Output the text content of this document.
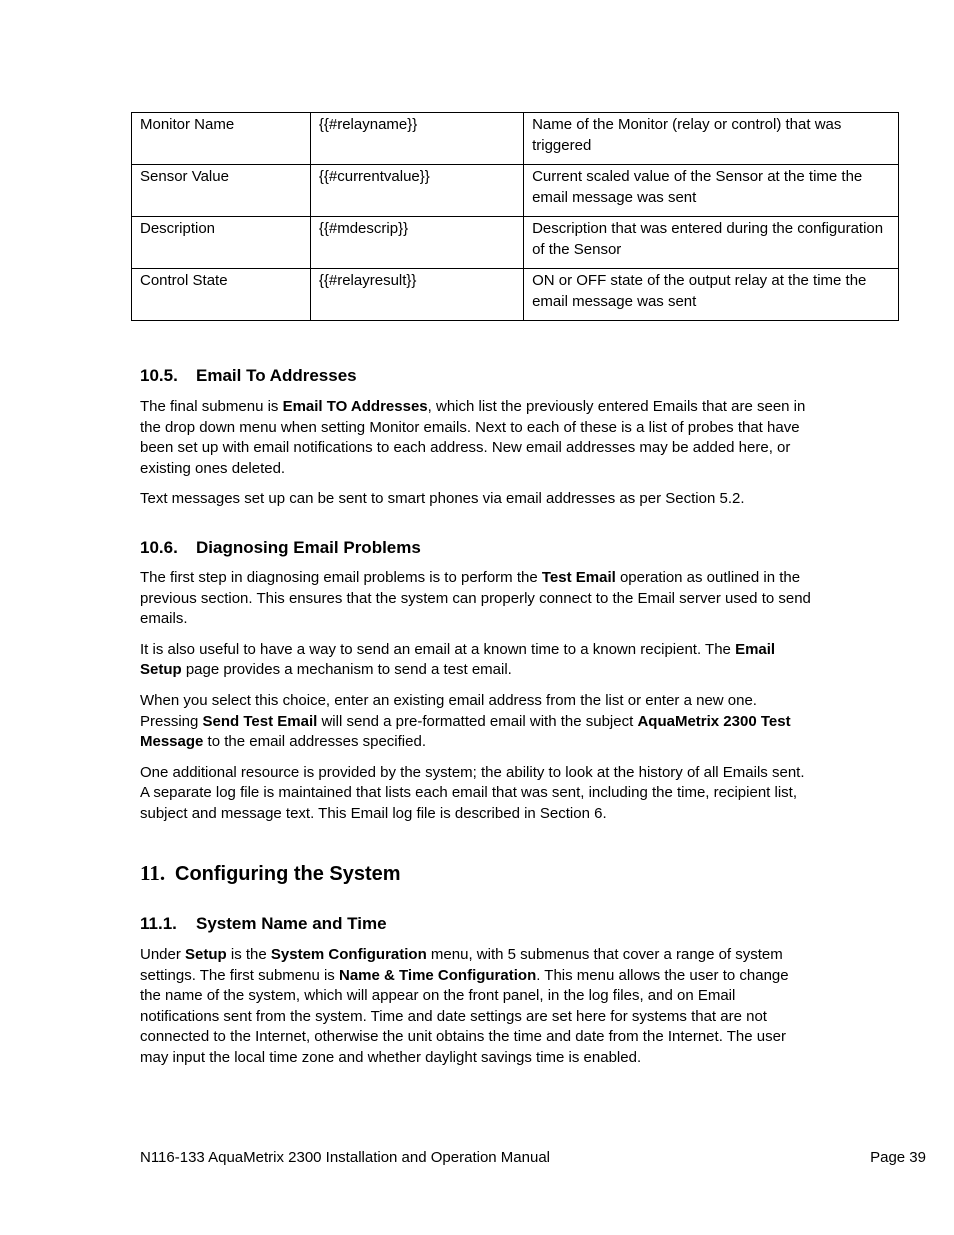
Monitor Name	{{#relayname}}	Name of the Monitor (relay or control) that was triggered
Sensor Value	{{#currentvalue}}	Current scaled value of the Sensor at the time the email message was sent
Description	{{#mdescrip}}	Description that was entered during the configuration of the Sensor
Control State	{{#relayresult}}	ON or OFF state of the output relay at the time the email message was sent
10.5. Email To Addresses

The final submenu is Email TO Addresses, which list the previously entered Emails that are seen in the drop down menu when setting Monitor emails. Next to each of these is a list of probes that have been set up with email notifications to each address. New email addresses may be added here, or existing ones deleted.

Text messages set up can be sent to smart phones via email addresses as per Section 5.2.

10.6. Diagnosing Email Problems

The first step in diagnosing email problems is to perform the Test Email operation as outlined in the previous section. This ensures that the system can properly connect to the Email server used to send emails.

It is also useful to have a way to send an email at a known time to a known recipient. The Email Setup page provides a mechanism to send a test email.

When you select this choice, enter an existing email address from the list or enter a new one. Pressing Send Test Email will send a pre-formatted email with the subject AquaMetrix 2300 Test Message to the email addresses specified.

One additional resource is provided by the system; the ability to look at the history of all Emails sent. A separate log file is maintained that lists each email that was sent, including the time, recipient list, subject and message text. This Email log file is described in Section 6.

11. Configuring the System
11.1. System Name and Time

Under Setup is the System Configuration menu, with 5 submenus that cover a range of system settings. The first submenu is Name & Time Configuration. This menu allows the user to change the name of the system, which will appear on the front panel, in the log files, and on Email notifications sent from the system. Time and date settings are set here for systems that are not connected to the Internet, otherwise the unit obtains the time and date from the Internet. The user may input the local time zone and whether daylight savings time is enabled.

N116-133 AquaMetrix 2300 Installation and Operation Manual	Page 39
